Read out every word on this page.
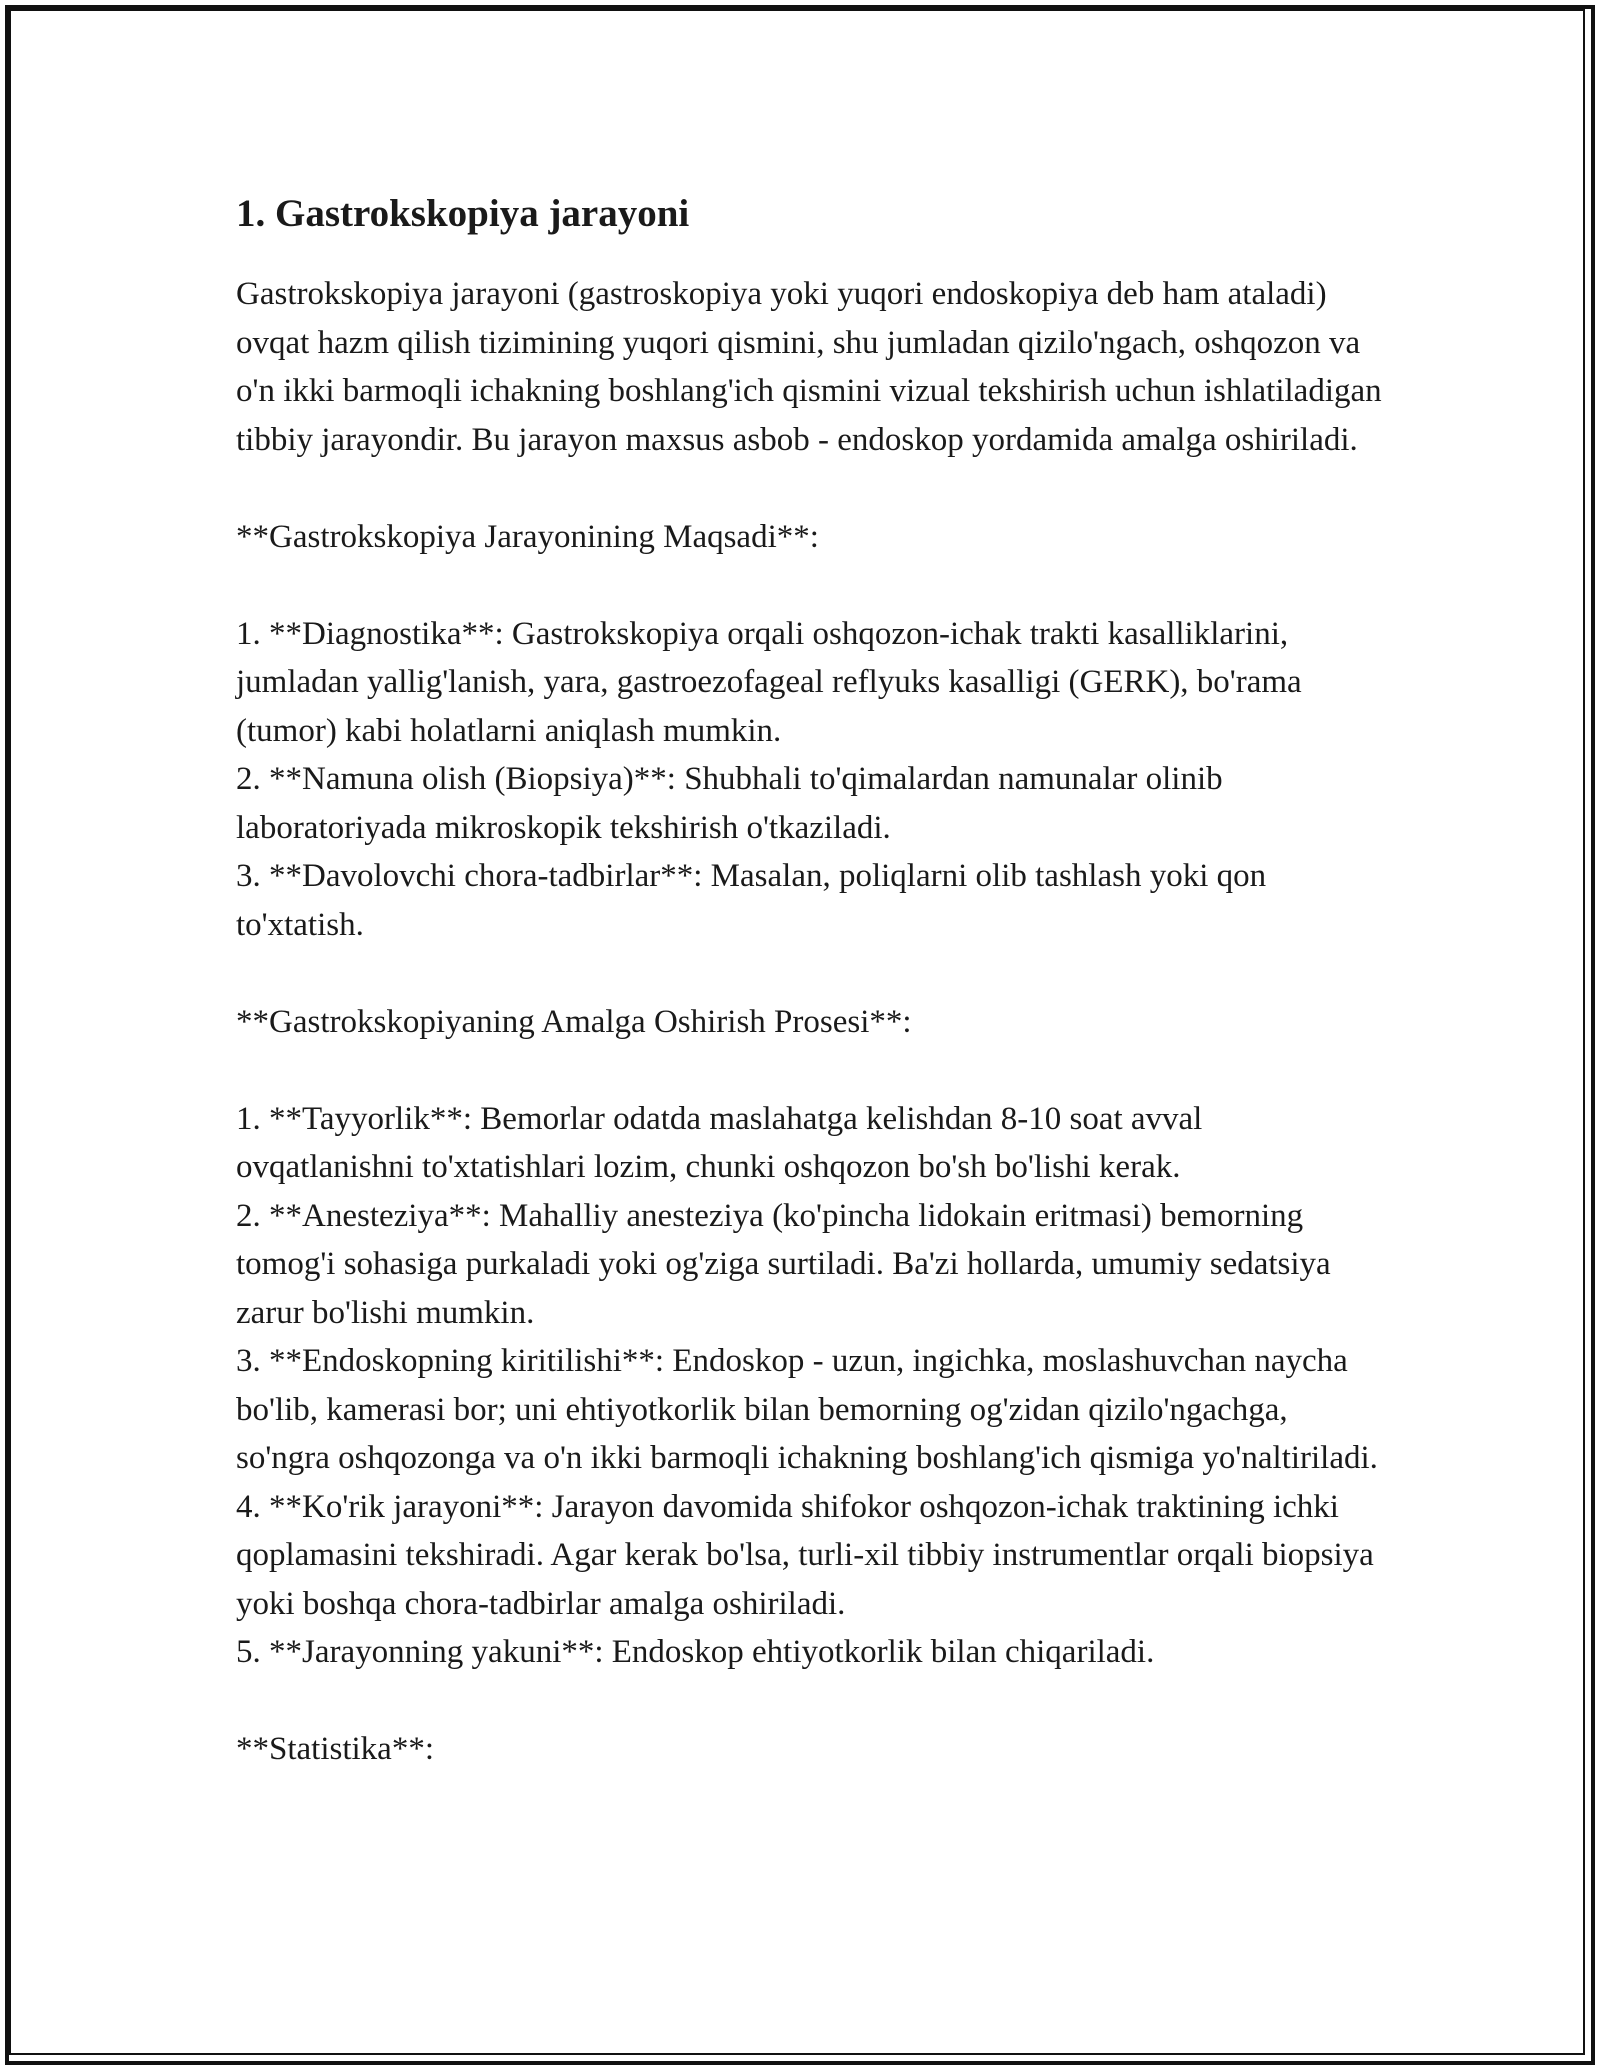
1. Gastrokskopiya jarayoni

Gastrokskopiya jarayoni (gastroskopiya yoki yuqori endoskopiya deb ham ataladi) ovqat hazm qilish tizimining yuqori qismini, shu jumladan qizilo'ngach, oshqozon va o'n ikki barmoqli ichakning boshlang'ich qismini vizual tekshirish uchun ishlatiladigan tibbiy jarayondir. Bu jarayon maxsus asbob - endoskop yordamida amalga oshiriladi.

**Gastrokskopiya Jarayonining Maqsadi**:

1. **Diagnostika**: Gastrokskopiya orqali oshqozon-ichak trakti kasalliklarini, jumladan yallig'lanish, yara, gastroezofageal reflyuks kasalligi (GERK), bo'rama (tumor) kabi holatlarni aniqlash mumkin.

2. **Namuna olish (Biopsiya)**: Shubhali to'qimalardan namunalar olinib laboratoriyada mikroskopik tekshirish o'tkaziladi.

3. **Davolovchi chora-tadbirlar**: Masalan, poliqlarni olib tashlash yoki qon to'xtatish.

**Gastrokskopiyaning Amalga Oshirish Prosesi**:

1. **Tayyorlik**: Bemorlar odatda maslahatga kelishdan 8-10 soat avval ovqatlanishni to'xtatishlari lozim, chunki oshqozon bo'sh bo'lishi kerak.

2. **Anesteziya**: Mahalliy anesteziya (ko'pincha lidokain eritmasi) bemorning tomog'i sohasiga purkaladi yoki og'ziga surtiladi. Ba'zi hollarda, umumiy sedatsiya zarur bo'lishi mumkin.

3. **Endoskopning kiritilishi**: Endoskop - uzun, ingichka, moslashuvchan naycha bo'lib, kamerasi bor; uni ehtiyotkorlik bilan bemorning og'zidan qizilo'ngachga, so'ngra oshqozonga va o'n ikki barmoqli ichakning boshlang'ich qismiga yo'naltiriladi.

4. **Ko'rik jarayoni**: Jarayon davomida shifokor oshqozon-ichak traktining ichki qoplamasini tekshiradi. Agar kerak bo'lsa, turli-xil tibbiy instrumentlar orqali biopsiya yoki boshqa chora-tadbirlar amalga oshiriladi.

5. **Jarayonning yakuni**: Endoskop ehtiyotkorlik bilan chiqariladi.

**Statistika**:
